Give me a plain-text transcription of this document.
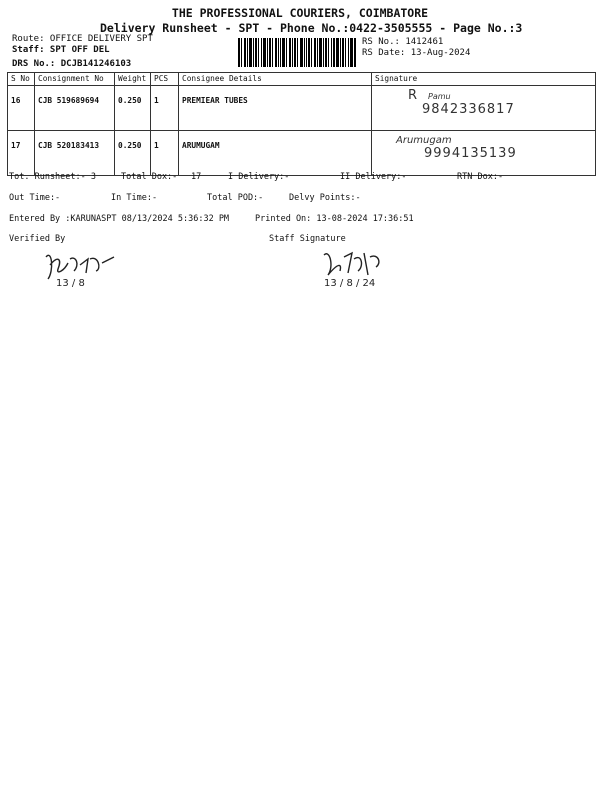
THE PROFESSIONAL COURIERS, COIMBATORE
Delivery Runsheet - SPT - Phone No.:0422-3505555 - Page No.:3
Route: OFFICE DELIVERY SPT
Staff: SPT OFF DEL
DRS No.: DCJB141246103
RS No.: 1412461
RS Date: 13-Aug-2024
S No	Consignment No	Weight	PCS	Consignee Details	Signature
16	CJB 519689694	0.250	1	PREMIEAR TUBES	R Pamu
9842336817

17	CJB 520183413	0.250	1	ARUMUGAM	Arumugam
9994135139
Tot. Runsheet:- 3	Total Dox:- 17	I Delivery:-	II Delivery:-	RTN Dox:-
Out Time:-	In Time:-	Total POD:-	Delvy Points:-
Entered By :KARUNASPT 08/13/2024 5:36:32 PM	Printed On: 13-08-2024 17:36:51
Verified By	Staff Signature
13 / 8	13 / 8 / 24
